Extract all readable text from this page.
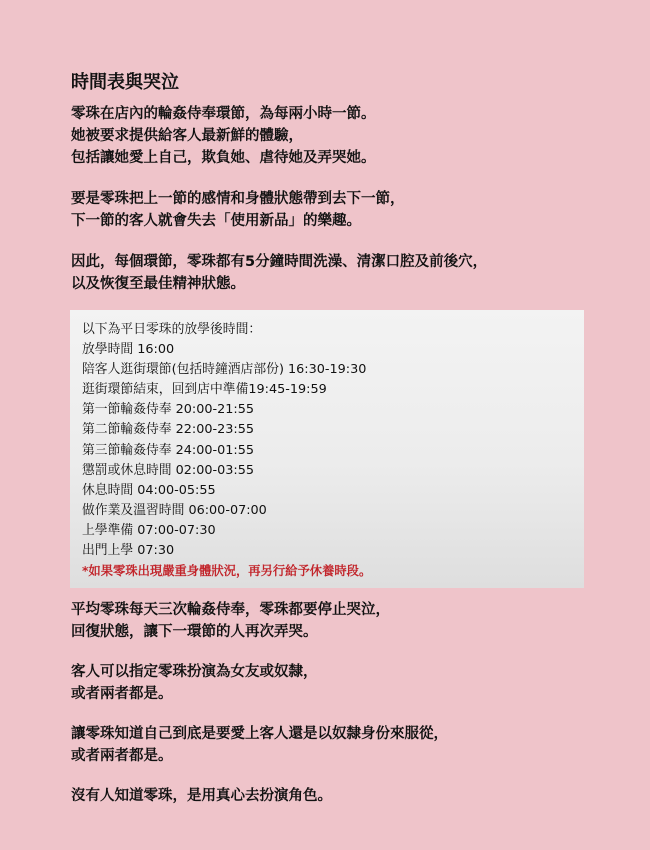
時間表與哭泣

零珠在店內的輪姦侍奉環節，為每兩小時一節。
她被要求提供給客人最新鮮的體驗，
包括讓她愛上自己，欺負她、虐待她及弄哭她。

要是零珠把上一節的感情和身體狀態帶到去下一節，
下一節的客人就會失去「使用新品」的樂趣。

因此，每個環節，零珠都有5分鐘時間洗澡、清潔口腔及前後穴，
以及恢復至最佳精神狀態。

以下為平日零珠的放學後時間：
放學時間 16:00
陪客人逛街環節(包括時鐘酒店部份) 16:30-19:30
逛街環節結束，回到店中準備19:45-19:59
第一節輪姦侍奉 20:00-21:55
第二節輪姦侍奉 22:00-23:55
第三節輪姦侍奉 24:00-01:55
懲罰或休息時間 02:00-03:55
休息時間 04:00-05:55
做作業及溫習時間 06:00-07:00
上學準備 07:00-07:30
出門上學 07:30
*如果零珠出現嚴重身體狀況，再另行給予休養時段。

平均零珠每天三次輪姦侍奉，零珠都要停止哭泣，
回復狀態，讓下一環節的人再次弄哭。

客人可以指定零珠扮演為女友或奴隸，
或者兩者都是。

讓零珠知道自己到底是要愛上客人還是以奴隸身份來服從，
或者兩者都是。

沒有人知道零珠，是用真心去扮演角色。
